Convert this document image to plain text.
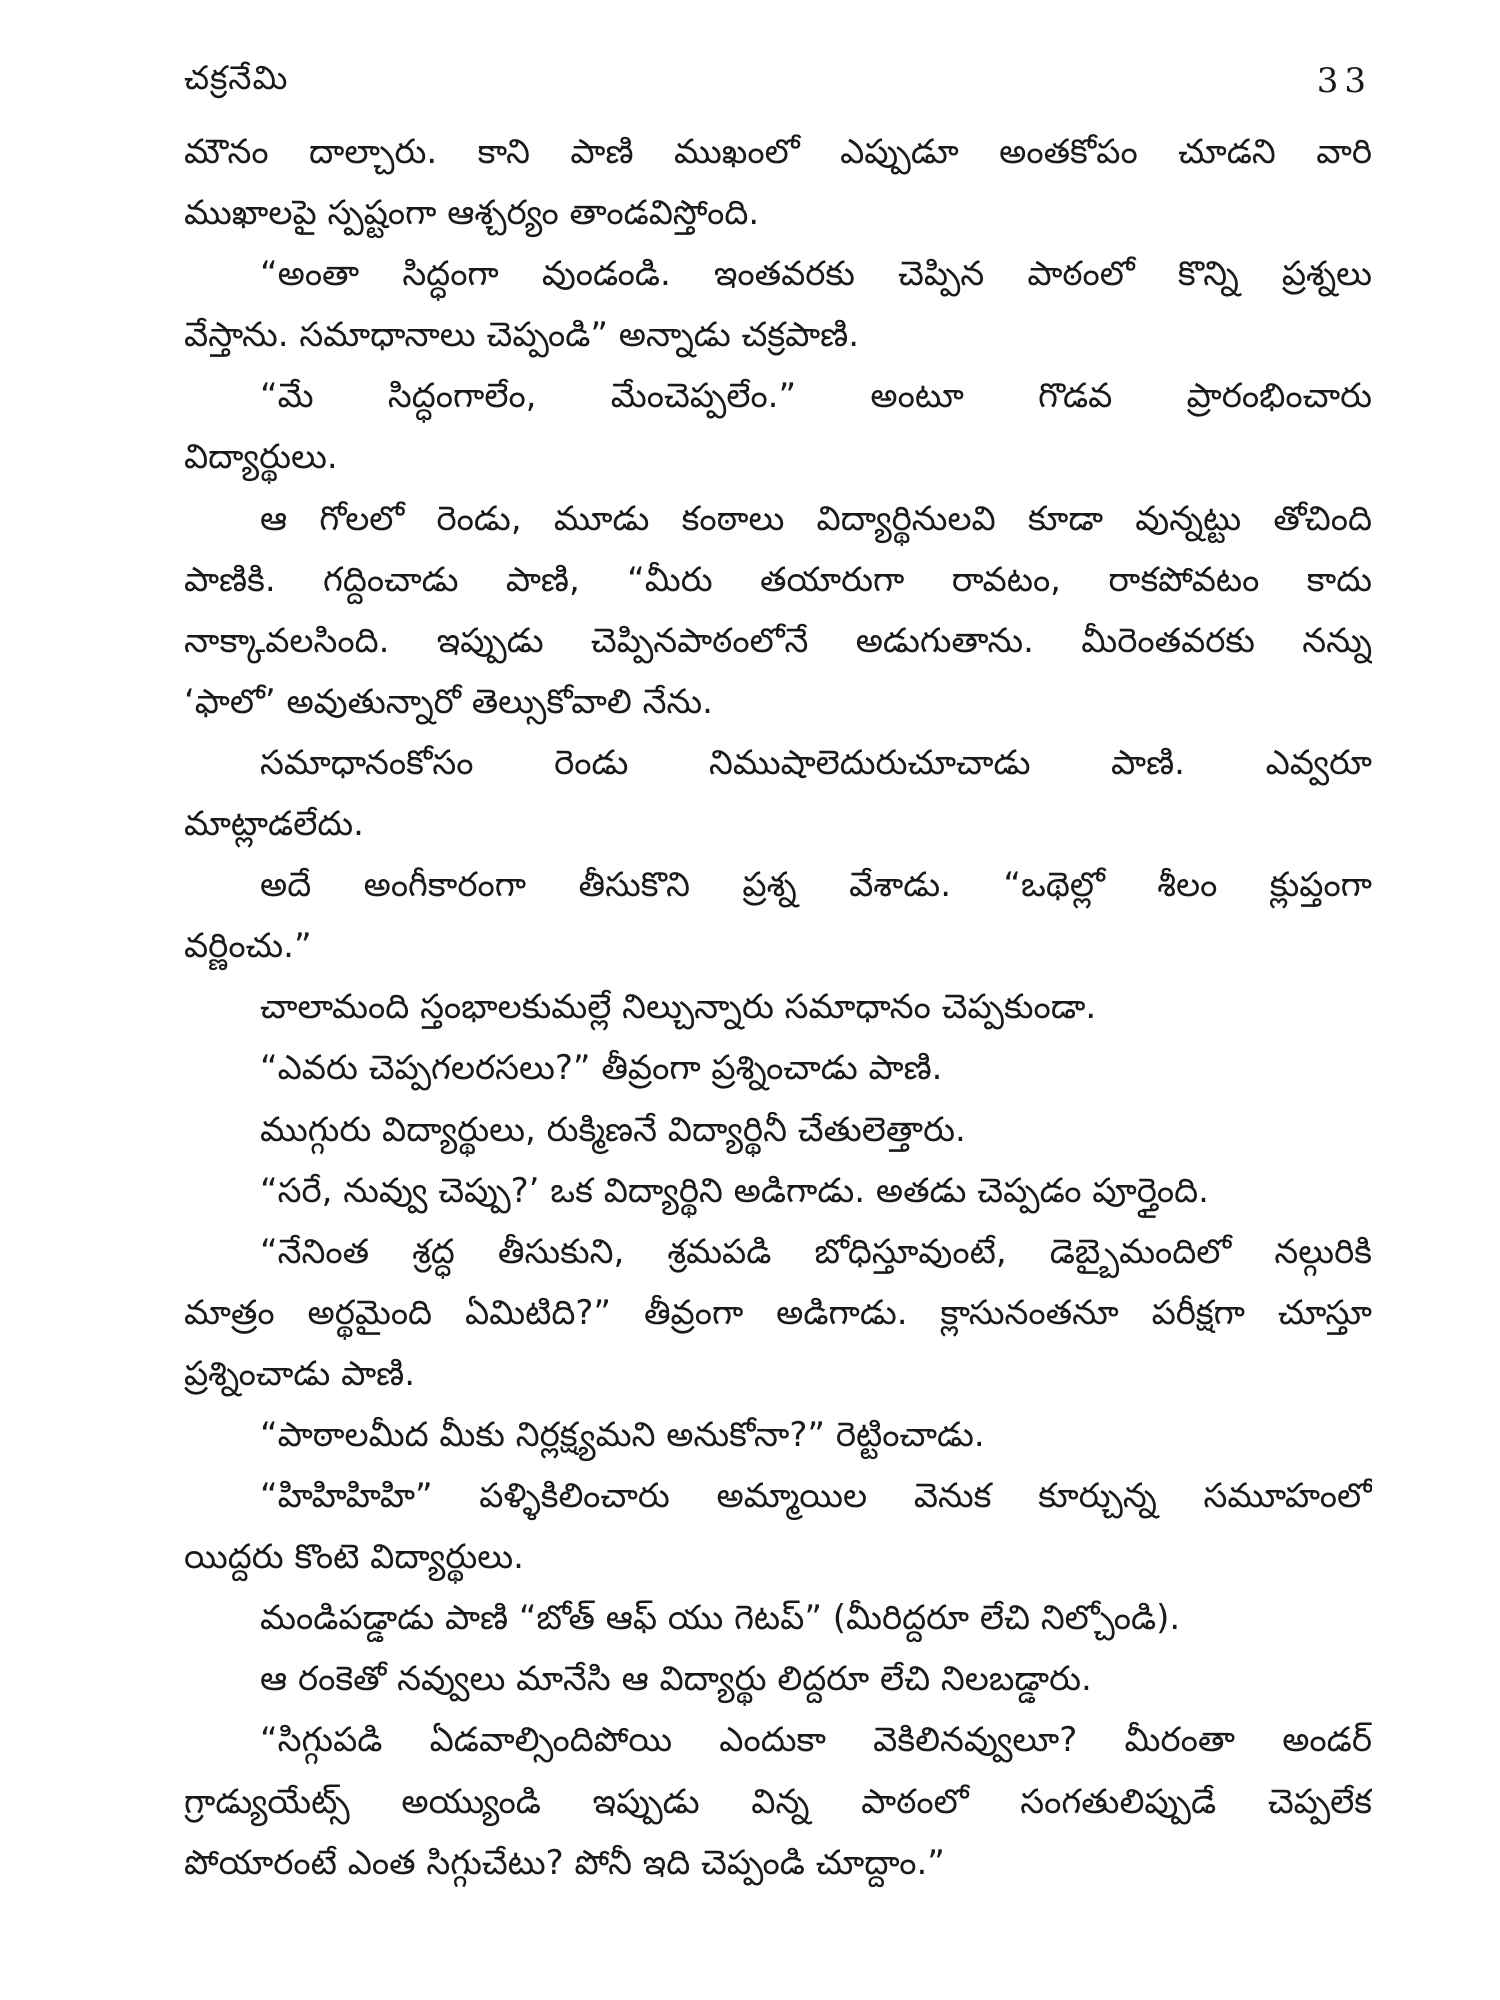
చక్రనేమి	33
మౌనం దాల్చారు. కాని పాణి ముఖంలో ఎప్పుడూ అంతకోపం చూడని వారి
ముఖాలపై స్పష్టంగా ఆశ్చర్యం తాండవిస్తోంది.
“అంతా సిద్ధంగా వుండండి. ఇంతవరకు చెప్పిన పాఠంలో కొన్ని ప్రశ్నలు
వేస్తాను. సమాధానాలు చెప్పండి” అన్నాడు చక్రపాణి.
“మే సిద్ధంగాలేం, మేంచెప్పలేం.” అంటూ గొడవ ప్రారంభించారు
విద్యార్థులు.
ఆ గోలలో రెండు, మూడు కంఠాలు విద్యార్థినులవి కూడా వున్నట్టు తోచింది
పాణికి. గద్దించాడు పాణి, “మీరు తయారుగా రావటం, రాకపోవటం కాదు
నాక్కావలసింది. ఇప్పుడు చెప్పినపాఠంలోనే అడుగుతాను. మీరెంతవరకు నన్ను
‘ఫాలో’ అవుతున్నారో తెల్సుకోవాలి నేను.
సమాధానంకోసం రెండు నిముషాలెదురుచూచాడు పాణి. ఎవ్వరూ
మాట్లాడలేదు.
అదే అంగీకారంగా తీసుకొని ప్రశ్న వేశాడు. “ఒథెల్లో శీలం క్లుప్తంగా
వర్ణించు.”
చాలామంది స్తంభాలకుమల్లే నిల్చున్నారు సమాధానం చెప్పకుండా.
“ఎవరు చెప్పగలరసలు?” తీవ్రంగా ప్రశ్నించాడు పాణి.
ముగ్గురు విద్యార్థులు, రుక్మిణనే విద్యార్థినీ చేతులెత్తారు.
“సరే, నువ్వు చెప్పు?’ ఒక విద్యార్థిని అడిగాడు. అతడు చెప్పడం పూర్తైంది.
“నేనింత శ్రద్ధ తీసుకుని, శ్రమపడి బోధిస్తూవుంటే, డెబ్బైమందిలో నల్గురికి
మాత్రం అర్థమైంది ఏమిటిది?” తీవ్రంగా అడిగాడు. క్లాసునంతనూ పరీక్షగా చూస్తూ
ప్రశ్నించాడు పాణి.
“పాఠాలమీద మీకు నిర్లక్ష్యమని అనుకోనా?” రెట్టించాడు.
“హిహిహిహి” పళ్ళికిలించారు అమ్మాయిల వెనుక కూర్చున్న సమూహంలో
యిద్దరు కొంటె విద్యార్థులు.
మండిపడ్డాడు పాణి “బోత్ ఆఫ్ యు గెటప్” (మీరిద్దరూ లేచి నిల్చోండి).
ఆ రంకెతో నవ్వులు మానేసి ఆ విద్యార్థు లిద్దరూ లేచి నిలబడ్డారు.
“సిగ్గుపడి ఏడవాల్సిందిపోయి ఎందుకా వెకిలినవ్వులూ? మీరంతా అండర్
గ్రాడ్యుయేట్స్ అయ్యుండి ఇప్పుడు విన్న పాఠంలో సంగతులిప్పుడే చెప్పలేక
పోయారంటే ఎంత సిగ్గుచేటు? పోనీ ఇది చెప్పండి చూద్దాం.”
